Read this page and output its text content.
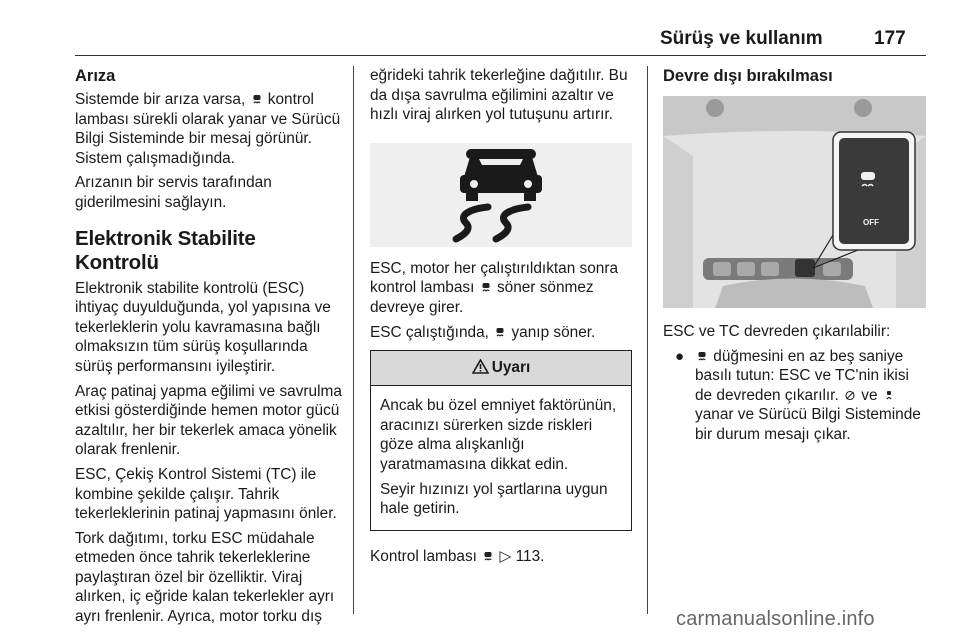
Sürüş ve kullanım	177
Arıza

Sistemde bir arıza varsa, kontrol lambası sürekli olarak yanar ve Sürücü Bilgi Sisteminde bir mesaj görünür. Sistem çalışmadığında.

Arızanın bir servis tarafından giderilmesini sağlayın.

Elektronik Stabilite Kontrolü

Elektronik stabilite kontrolü (ESC) ihtiyaç duyulduğunda, yol yapısına ve tekerleklerin yolu kavramasına bağlı olmaksızın tüm sürüş koşullarında sürüş performansını iyileştirir.

Araç patinaj yapma eğilimi ve savrulma etkisi gösterdiğinde hemen motor gücü azaltılır, her bir tekerlek amaca yönelik olarak frenlenir.

ESC, Çekiş Kontrol Sistemi (TC) ile kombine şekilde çalışır. Tahrik tekerleklerinin patinaj yapmasını önler.

Tork dağıtımı, torku ESC müdahale etmeden önce tahrik tekerleklerine paylaştıran özel bir özelliktir. Viraj alırken, iç eğride kalan tekerlekler ayrı ayrı frenlenir. Ayrıca, motor torku dış

eğrideki tahrik tekerleğine dağıtılır. Bu da dışa savrulma eğilimini azaltır ve hızlı viraj alırken yol tutuşunu artırır.

ESC, motor her çalıştırıldıktan sonra kontrol lambası söner sönmez devreye girer.

ESC çalıştığında, yanıp söner.

Uyarı

Ancak bu özel emniyet faktörünün, aracınızı sürerken sizde riskleri göze alma alışkanlığı yaratmamasına dikkat edin.

Seyir hızınızı yol şartlarına uygun hale getirin.

Kontrol lambası ▷ 113.

Devre dışı bırakılması
OFF

ESC ve TC devreden çıkarılabilir:

●	düğmesini en az beş saniye basılı tutun: ESC ve TC'nin ikisi de devreden çıkarılır. ve
yanar ve Sürücü Bilgi Sisteminde bir durum mesajı çıkar.
carmanualsonline.info
